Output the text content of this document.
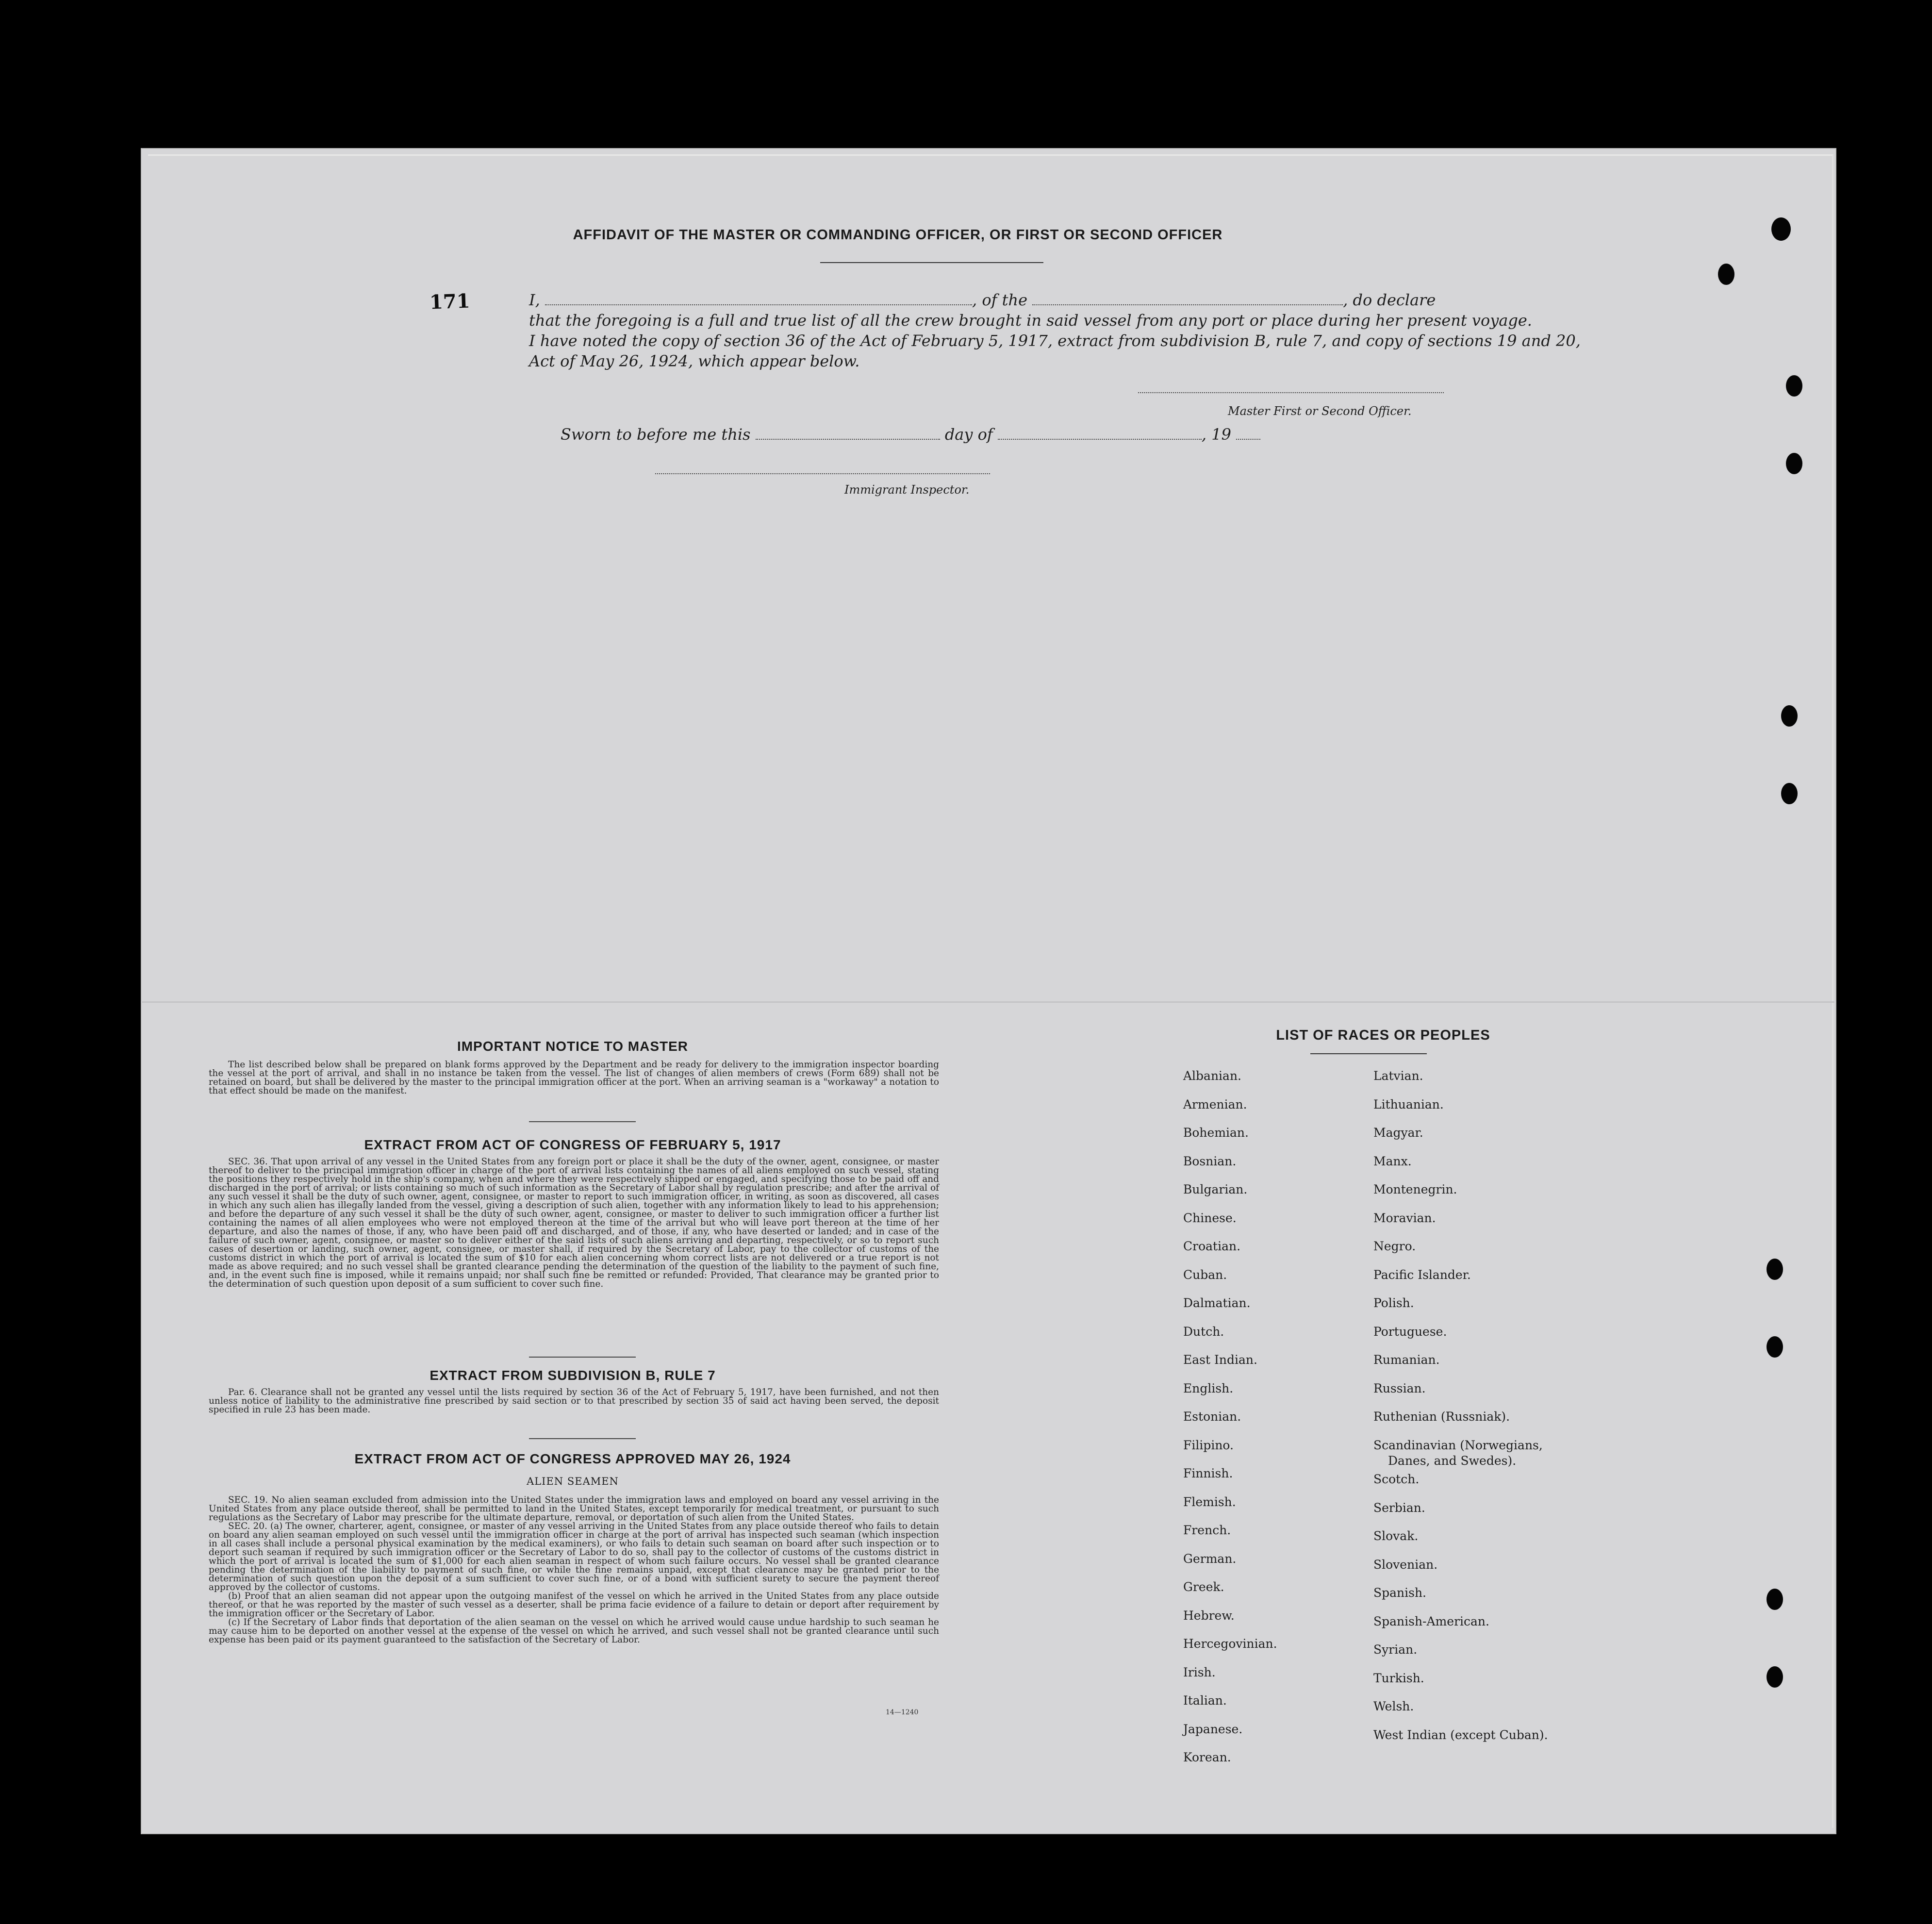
AFFIDAVIT OF THE MASTER OR COMMANDING OFFICER, OR FIRST OR SECOND OFFICER
171	I,	, of the	, do declare
that the foregoing is a full and true list of all the crew brought in said vessel from any port or place during her present voyage.
I have noted the copy of section 36 of the Act of February 5, 1917, extract from subdivision B, rule 7, and copy of sections 19 and 20,
Act of May 26, 1924, which appear below.
Master First or Second Officer.
Sworn to before me this	day of	, 19
Immigrant Inspector.
IMPORTANT NOTICE TO MASTER

The list described below shall be prepared on blank forms approved by the Department and be ready for delivery to the immigration inspector boarding the vessel at the port of arrival, and shall in no instance be taken from the vessel. The list of changes of alien members of crews (Form 689) shall not be retained on board, but shall be delivered by the master to the principal immigration officer at the port. When an arriving seaman is a "workaway" a notation to that effect should be made on the manifest.

EXTRACT FROM ACT OF CONGRESS OF FEBRUARY 5, 1917

SEC. 36. That upon arrival of any vessel in the United States from any foreign port or place it shall be the duty of the owner, agent, consignee, or master thereof to deliver to the principal immigration officer in charge of the port of arrival lists containing the names of all aliens employed on such vessel, stating the positions they respectively hold in the ship's company, when and where they were respectively shipped or engaged, and specifying those to be paid off and discharged in the port of arrival; or lists containing so much of such information as the Secretary of Labor shall by regulation prescribe; and after the arrival of any such vessel it shall be the duty of such owner, agent, consignee, or master to report to such immigration officer, in writing, as soon as discovered, all cases in which any such alien has illegally landed from the vessel, giving a description of such alien, together with any information likely to lead to his apprehension; and before the departure of any such vessel it shall be the duty of such owner, agent, consignee, or master to deliver to such immigration officer a further list containing the names of all alien employees who were not employed thereon at the time of the arrival but who will leave port thereon at the time of her departure, and also the names of those, if any, who have been paid off and discharged, and of those, if any, who have deserted or landed; and in case of the failure of such owner, agent, consignee, or master so to deliver either of the said lists of such aliens arriving and departing, respectively, or so to report such cases of desertion or landing, such owner, agent, consignee, or master shall, if required by the Secretary of Labor, pay to the collector of customs of the customs district in which the port of arrival is located the sum of $10 for each alien concerning whom correct lists are not delivered or a true report is not made as above required; and no such vessel shall be granted clearance pending the determination of the question of the liability to the payment of such fine, and, in the event such fine is imposed, while it remains unpaid; nor shall such fine be remitted or refunded: Provided, That clearance may be granted prior to the determination of such question upon deposit of a sum sufficient to cover such fine.

EXTRACT FROM SUBDIVISION B, RULE 7

Par. 6. Clearance shall not be granted any vessel until the lists required by section 36 of the Act of February 5, 1917, have been furnished, and not then unless notice of liability to the administrative fine prescribed by said section or to that prescribed by section 35 of said act having been served, the deposit specified in rule 23 has been made.

EXTRACT FROM ACT OF CONGRESS APPROVED MAY 26, 1924
ALIEN SEAMEN

SEC. 19. No alien seaman excluded from admission into the United States under the immigration laws and employed on board any vessel arriving in the United States from any place outside thereof, shall be permitted to land in the United States, except temporarily for medical treatment, or pursuant to such regulations as the Secretary of Labor may prescribe for the ultimate departure, removal, or deportation of such alien from the United States.

SEC. 20. (a) The owner, charterer, agent, consignee, or master of any vessel arriving in the United States from any place outside thereof who fails to detain on board any alien seaman employed on such vessel until the immigration officer in charge at the port of arrival has inspected such seaman (which inspection in all cases shall include a personal physical examination by the medical examiners), or who fails to detain such seaman on board after such inspection or to deport such seaman if required by such immigration officer or the Secretary of Labor to do so, shall pay to the collector of customs of the customs district in which the port of arrival is located the sum of $1,000 for each alien seaman in respect of whom such failure occurs. No vessel shall be granted clearance pending the determination of the liability to payment of such fine, or while the fine remains unpaid, except that clearance may be granted prior to the determination of such question upon the deposit of a sum sufficient to cover such fine, or of a bond with sufficient surety to secure the payment thereof approved by the collector of customs.

(b) Proof that an alien seaman did not appear upon the outgoing manifest of the vessel on which he arrived in the United States from any place outside thereof, or that he was reported by the master of such vessel as a deserter, shall be prima facie evidence of a failure to detain or deport after requirement by the immigration officer or the Secretary of Labor.

(c) If the Secretary of Labor finds that deportation of the alien seaman on the vessel on which he arrived would cause undue hardship to such seaman he may cause him to be deported on another vessel at the expense of the vessel on which he arrived, and such vessel shall not be granted clearance until such expense has been paid or its payment guaranteed to the satisfaction of the Secretary of Labor.

14—1240
LIST OF RACES OR PEOPLES
Albanian.
Armenian.
Bohemian.
Bosnian.
Bulgarian.
Chinese.
Croatian.
Cuban.
Dalmatian.
Dutch.
East Indian.
English.
Estonian.
Filipino.
Finnish.
Flemish.
French.
German.
Greek.
Hebrew.
Hercegovinian.
Irish.
Italian.
Japanese.
Korean.
Latvian.
Lithuanian.
Magyar.
Manx.
Montenegrin.
Moravian.
Negro.
Pacific Islander.
Polish.
Portuguese.
Rumanian.
Russian.
Ruthenian (Russniak).
Scandinavian (Norwegians,
Danes, and Swedes).
Scotch.
Serbian.
Slovak.
Slovenian.
Spanish.
Spanish-American.
Syrian.
Turkish.
Welsh.
West Indian (except Cuban).
